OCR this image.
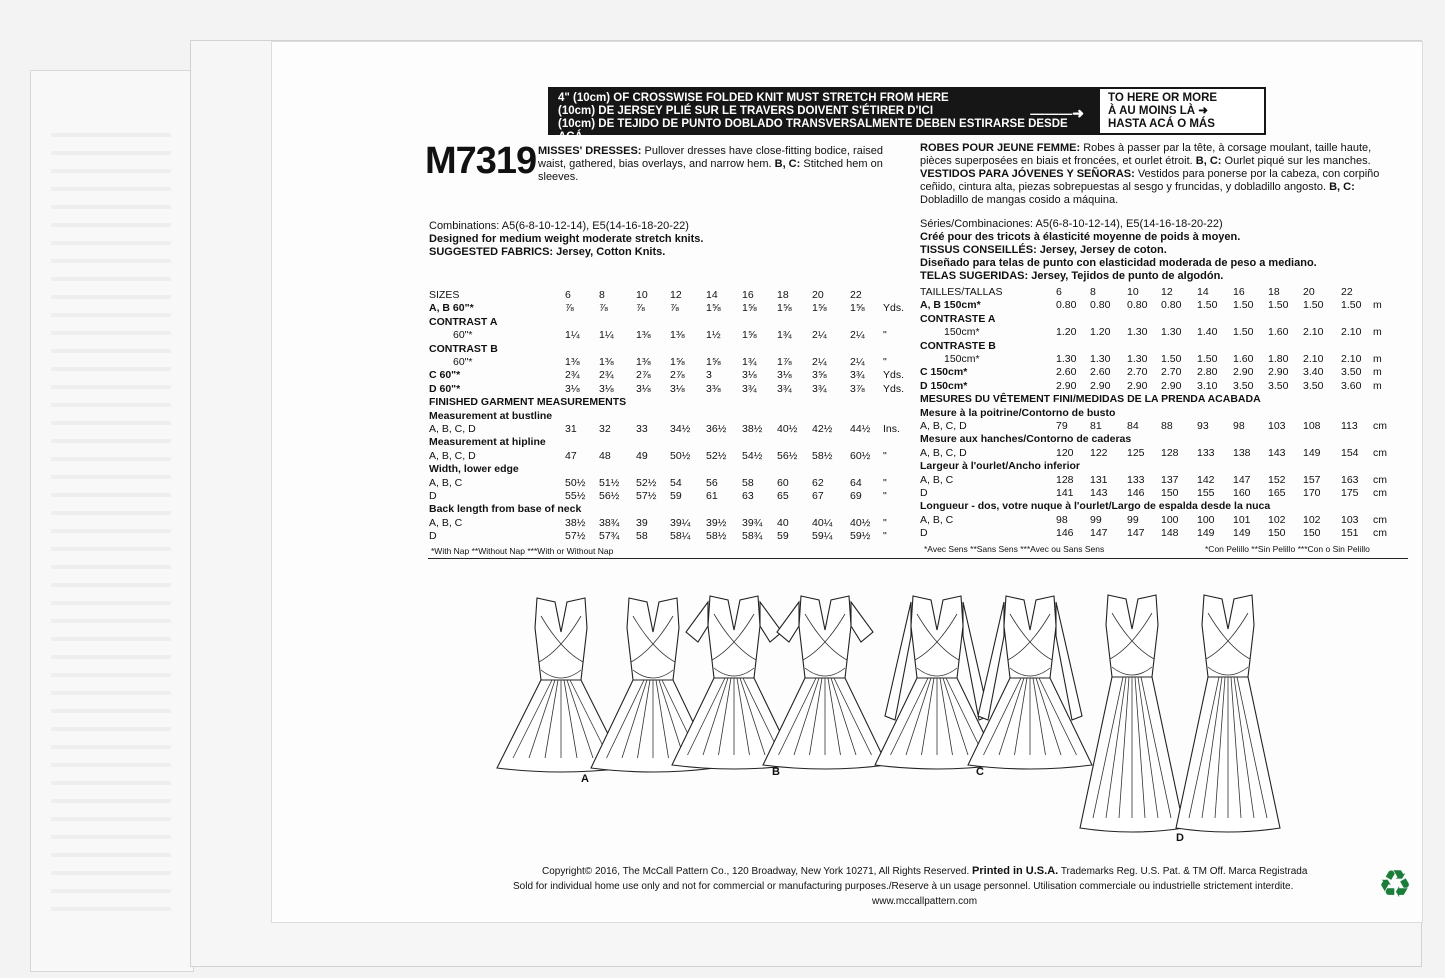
4" (10cm) OF CROSSWISE FOLDED KNIT MUST STRETCH FROM HERE
(10cm) DE JERSEY PLIÉ SUR LE TRAVERS DOIVENT S'ÉTIRER D'ICI
(10cm) DE TEJIDO DE PUNTO DOBLADO TRANSVERSALMENTE DEBEN ESTIRARSE DESDE ACÁ
———➜
TO HERE OR MORE
À AU MOINS LÀ ➜
HASTA ACÁ O MÁS
M7319 MISSES' DRESSES: Pullover dresses have close-fitting bodice, raised waist, gathered, bias overlays, and narrow hem. B, C: Stitched hem on sleeves.
Combinations: A5(6-8-10-12-14), E5(14-16-18-20-22)
Designed for medium weight moderate stretch knits.
SUGGESTED FABRICS: Jersey, Cotton Knits.
ROBES POUR JEUNE FEMME: Robes à passer par la tête, à corsage moulant, taille haute, pièces superposées en biais et froncées, et ourlet étroit. B, C: Ourlet piqué sur les manches. VESTIDOS PARA JÓVENES Y SEÑORAS: Vestidos para ponerse por la cabeza, con corpiño ceñido, cintura alta, piezas sobrepuestas al sesgo y fruncidas, y dobladillo angosto. B, C: Dobladillo de mangas cosido a máquina.
Séries/Combinaciones: A5(6-8-10-12-14), E5(14-16-18-20-22)
Créé pour des tricots à élasticité moyenne de poids à moyen.
TISSUS CONSEILLÉS: Jersey, Jersey de coton.
Diseñado para telas de punto con elasticidad moderada de peso a mediano.
TELAS SUGERIDAS: Jersey, Tejidos de punto de algodón.
SIZES	6	8	10 12 14 16 18 20	22
A, B 60"*	⅞ ⅞	⅞ ⅞	1⅝ 1⅝ 1⅝ 1⅝ 1⅝ Yds.
CONTRAST A
60"*	1¼ 1¼ 1⅜ 1⅜ 1½ 1⅝ 1¾ 2¼ 2¼ "
CONTRAST B
60"*	1⅜ 1⅜ 1⅜ 1⅝ 1⅝ 1¾ 1⅞ 2¼ 2¼ "
C 60"*	2¾ 2¾ 2⅞ 2⅞ 3	3⅛ 3⅛ 3⅝ 3¾ Yds.
D 60"*	3⅛ 3⅛ 3⅛ 3⅛ 3⅜ 3¾ 3¾ 3¾ 3⅞ Yds.
FINISHED GARMENT MEASUREMENTS
Measurement at bustline
A, B, C, D	31 32 33 34½ 36½ 38½ 40½ 42½ 44½ Ins.
Measurement at hipline
A, B, C, D	47 48 49 50½ 52½ 54½ 56½ 58½ 60½ "
Width, lower edge
A, B, C	50½ 51½ 52½ 54 56 58 60 62	64 "
D	55½ 56½ 57½ 59 61 63 65 67	69 "
Back length from base of neck
A, B, C	38½ 38¾ 39 39¼ 39½ 39¾ 40 40¼ 40½ "
D	57½ 57¾ 58 58¼ 58½ 58¾ 59 59¼ 59½ "
TAILLES/TALLAS	6	8	10 12 14 16 18 20	22
A, B 150cm*	0.80 0.80 0.80 0.80 1.50 1.50 1.50 1.50 1.50 m
CONTRASTE A
150cm*	1.20 1.20 1.30 1.30 1.40 1.50 1.60 2.10 2.10 m
CONTRASTE B
150cm*	1.30 1.30 1.30 1.50 1.50 1.60 1.80 2.10 2.10 m
C 150cm*	2.60 2.60 2.70 2.70 2.80 2.90 2.90 3.40 3.50 m
D 150cm*	2.90 2.90 2.90 2.90 3.10 3.50 3.50 3.50 3.60 m
MESURES DU VÊTEMENT FINI/MEDIDAS DE LA PRENDA ACABADA
Mesure à la poitrine/Contorno de busto
A, B, C, D	79 81 84 88 93 98 103 108 113 cm
Mesure aux hanches/Contorno de caderas
A, B, C, D	120 122 125 128 133 138 143 149 154 cm
Largeur à l'ourlet/Ancho inferior
A, B, C	128 131 133 137 142 147 152 157 163 cm
D	141 143 146 150 155 160 165 170 175 cm
Longueur - dos, votre nuque à l'ourlet/Largo de espalda desde la nuca
A, B, C	98 99 99 100 100 101 102 102 103 cm
D	146 147 147 148 149 149 150 150 151 cm
*With Nap **Without Nap ***With or Without Nap	*Avec Sens **Sans Sens ***Avec ou Sans Sens	*Con Pelillo **Sin Pelillo ***Con o Sin Pelillo
A
B	C
D
Copyright© 2016, The McCall Pattern Co., 120 Broadway, New York 10271, All Rights Reserved. Printed in U.S.A. Trademarks Reg. U.S. Pat. & TM Off. Marca Registrada
Sold for individual home use only and not for commercial or manufacturing purposes./Reserve à un usage personnel. Utilisation commerciale ou industrielle strictement interdite.
www.mccallpattern.com	♻
